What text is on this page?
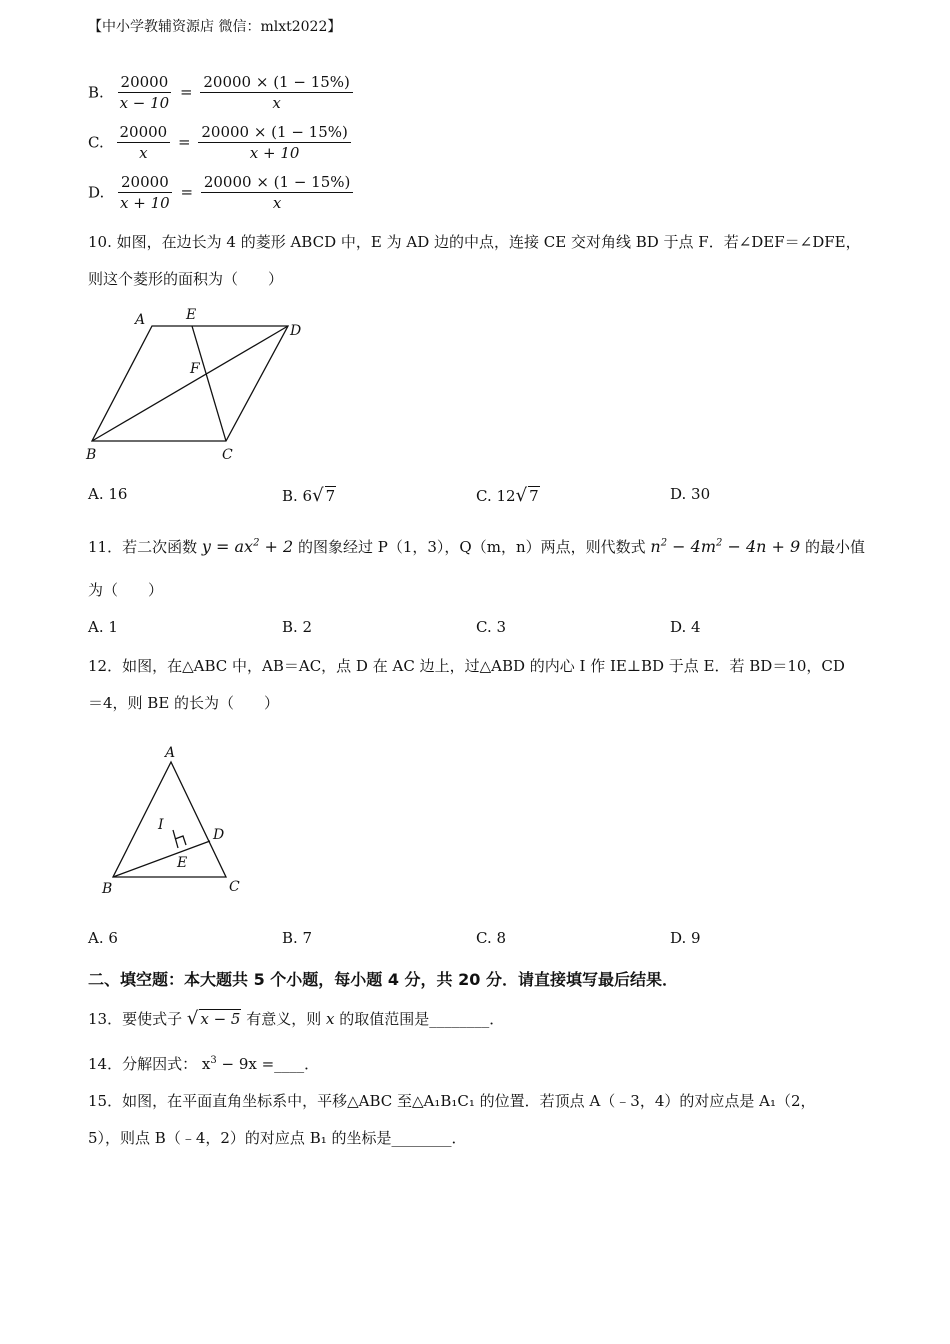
【中小学教辅资源店 微信：mlxt2022】
B. $\frac{20000}{x - 10} = \frac{20000 \times (1 - 15\%)}{x}$
C. $\frac{20000}{x} = \frac{20000 \times (1 - 15\%)}{x + 10}$
D. $\frac{20000}{x + 10} = \frac{20000 \times (1 - 15\%)}{x}$
10. 如图，在边长为 4 的菱形 ABCD 中，E 为 AD 边的中点，连接 CE 交对角线 BD 于点 F．若∠DEF＝∠DFE，
则这个菱形的面积为（　　）
A	E
D
F
B	C
A. 16	B. 6√ 7	C. 12√ 7	D. 30
11．若二次函数 $y = ax^2 + 2$ 的图象经过 P（1，3），Q（m，n）两点，则代数式 $n^2 - 4m^2 - 4n + 9$ 的最小值
为（　　）
A. 1	B. 2	C. 3	D. 4
12．如图，在△ABC 中，AB＝AC，点 D 在 AC 边上，过△ABD 的内心 I 作 IE⊥BD 于点 E．若 BD＝10，CD
＝4，则 BE 的长为（　　）
A
I
D
E
B	C
A. 6	B. 7	C. 8	D. 9
二、填空题：本大题共 5 个小题，每小题 4 分，共 20 分．请直接填写最后结果．
13．要使式子 √ x − 5 有意义，则 x 的取值范围是________．
14．分解因式： $x^3 - 9x$ =____．
15．如图，在平面直角坐标系中，平移△ABC 至△A₁B₁C₁ 的位置．若顶点 A（﹣3，4）的对应点是 A₁（2，
5），则点 B（﹣4，2）的对应点 B₁ 的坐标是________．
